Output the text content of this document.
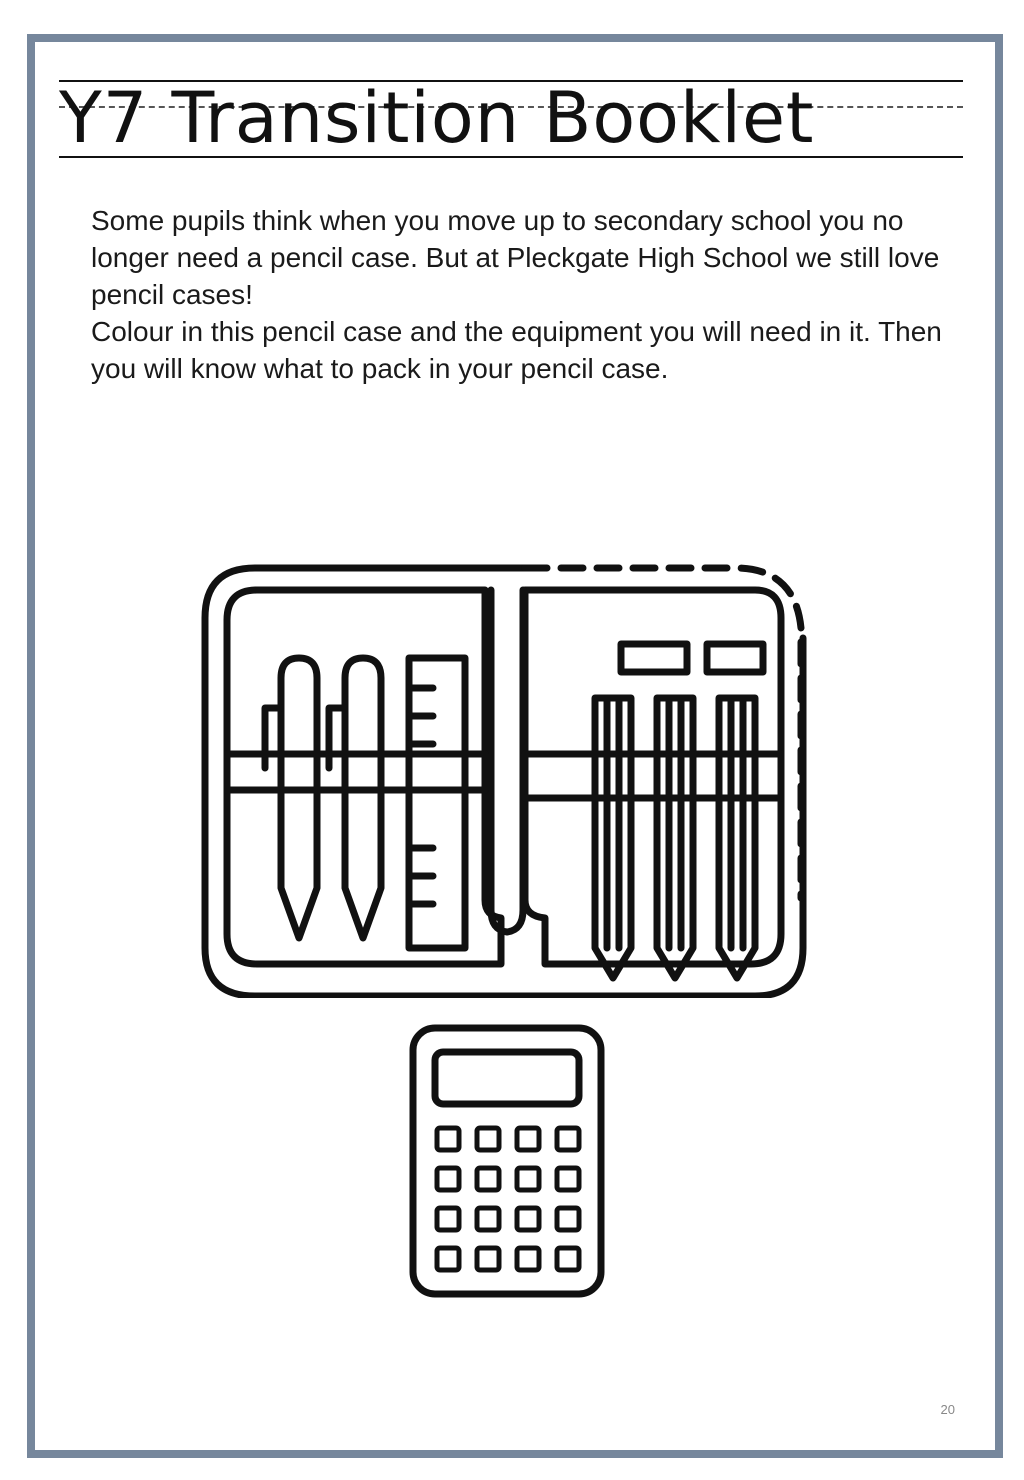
Y7 Transition Booklet

Some pupils think when you move up to secondary school you no longer need a pencil case. But at Pleckgate High School we still love pencil cases!

Colour in this pencil case and the equipment you will need in it. Then you will know what to pack in your pencil case.

20
